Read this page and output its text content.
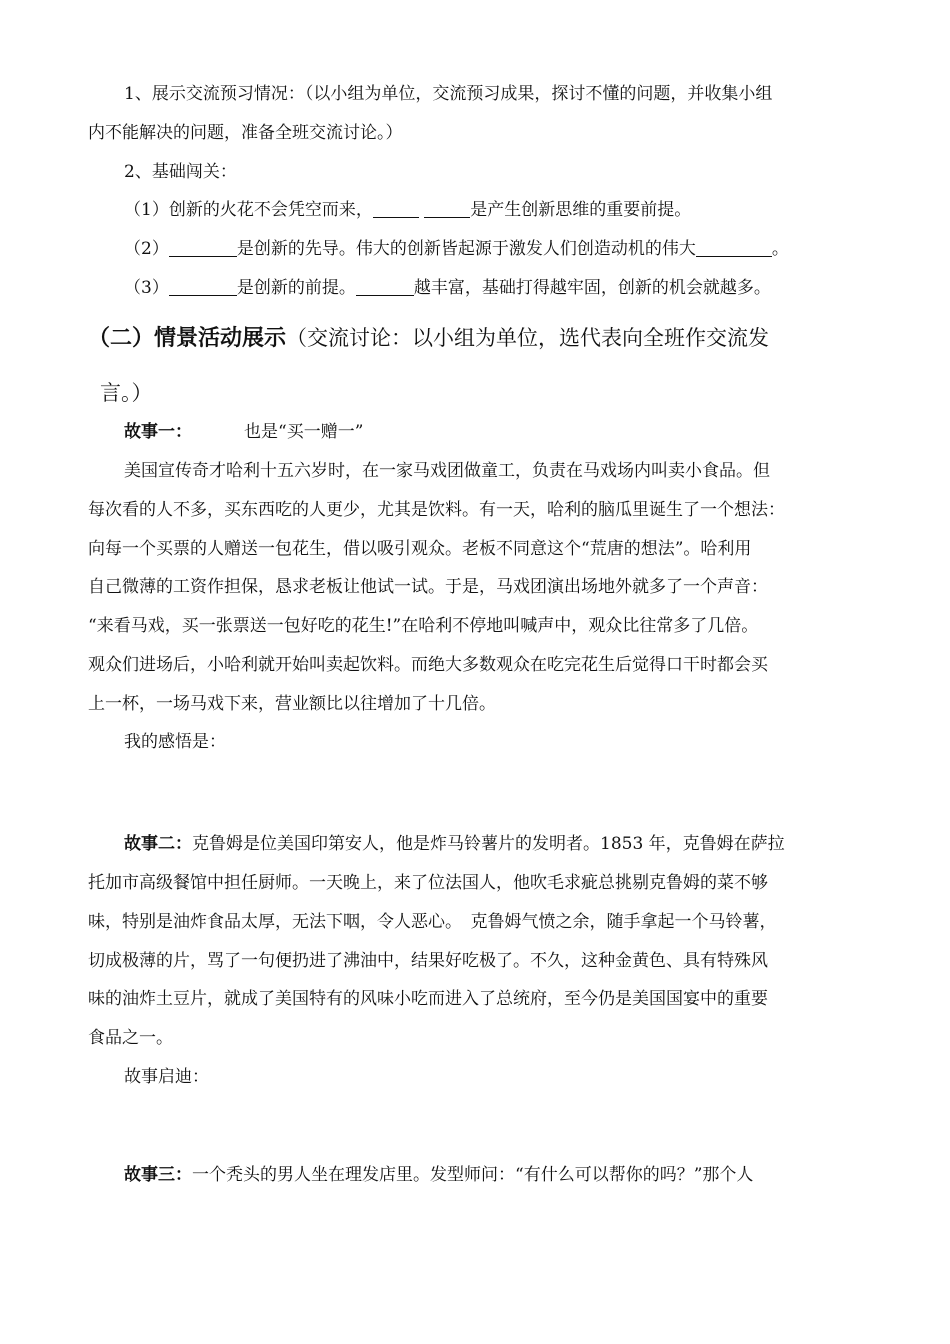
1、展示交流预习情况：（以小组为单位，交流预习成果，探讨不懂的问题，并收集小组
内不能解决的问题，准备全班交流讨论。）
2、基础闯关：
（1）创新的火花不会凭空而来，	是产生创新思维的重要前提。
（2）	是创新的先导。伟大的创新皆起源于激发人们创造动机的伟大	。
（3）	是创新的前提。	越丰富，基础打得越牢固，创新的机会就越多。
（二）情景活动展示（交流讨论：以小组为单位，选代表向全班作交流发
言。）
故事一：	也是“买一赠一”
美国宣传奇才哈利十五六岁时，在一家马戏团做童工，负责在马戏场内叫卖小食品。但
每次看的人不多，买东西吃的人更少，尤其是饮料。有一天，哈利的脑瓜里诞生了一个想法：
向每一个买票的人赠送一包花生，借以吸引观众。老板不同意这个“荒唐的想法”。哈利用
自己微薄的工资作担保，恳求老板让他试一试。于是，马戏团演出场地外就多了一个声音：
“来看马戏，买一张票送一包好吃的花生!”在哈利不停地叫喊声中，观众比往常多了几倍。
观众们进场后，小哈利就开始叫卖起饮料。而绝大多数观众在吃完花生后觉得口干时都会买
上一杯，一场马戏下来，营业额比以往增加了十几倍。
我的感悟是：
故事二：克鲁姆是位美国印第安人，他是炸马铃薯片的发明者。1853 年，克鲁姆在萨拉
托加市高级餐馆中担任厨师。一天晚上，来了位法国人，他吹毛求疵总挑剔克鲁姆的菜不够
味，特别是油炸食品太厚，无法下咽，令人恶心。　克鲁姆气愤之余，随手拿起一个马铃薯，
切成极薄的片，骂了一句便扔进了沸油中，结果好吃极了。不久，这种金黄色、具有特殊风
味的油炸土豆片，就成了美国特有的风味小吃而进入了总统府，至今仍是美国国宴中的重要
食品之一。
故事启迪：
故事三：一个秃头的男人坐在理发店里。发型师问：“有什么可以帮你的吗？”那个人
